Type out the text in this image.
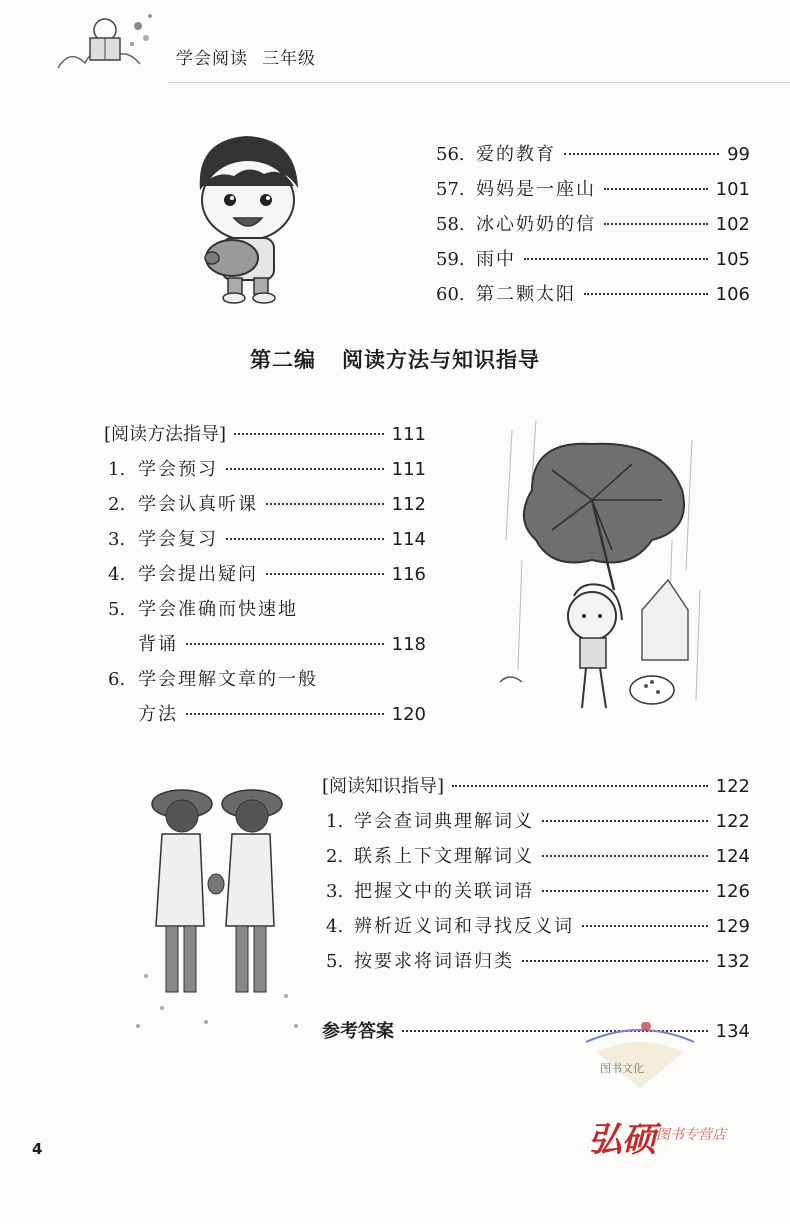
学会阅读 三年级
56. 爱的教育	99
57. 妈妈是一座山	101
58. 冰心奶奶的信	102
59. 雨中	105
60. 第二颗太阳	106
第二编 阅读方法与知识指导
[阅读方法指导]	111
1. 学会预习	111
2. 学会认真听课	112
3. 学会复习	114
4. 学会提出疑问	116
5. 学会准确而快速地
背诵	118
6. 学会理解文章的一般
方法	120
[阅读知识指导]	122
1. 学会查词典理解词义	122
2. 联系上下文理解词义	124
3. 把握文中的关联词语	126
4. 辨析近义词和寻找反义词	129
5. 按要求将词语归类	132
参考答案	134
图书文化
弘硕 图书专营店
4
